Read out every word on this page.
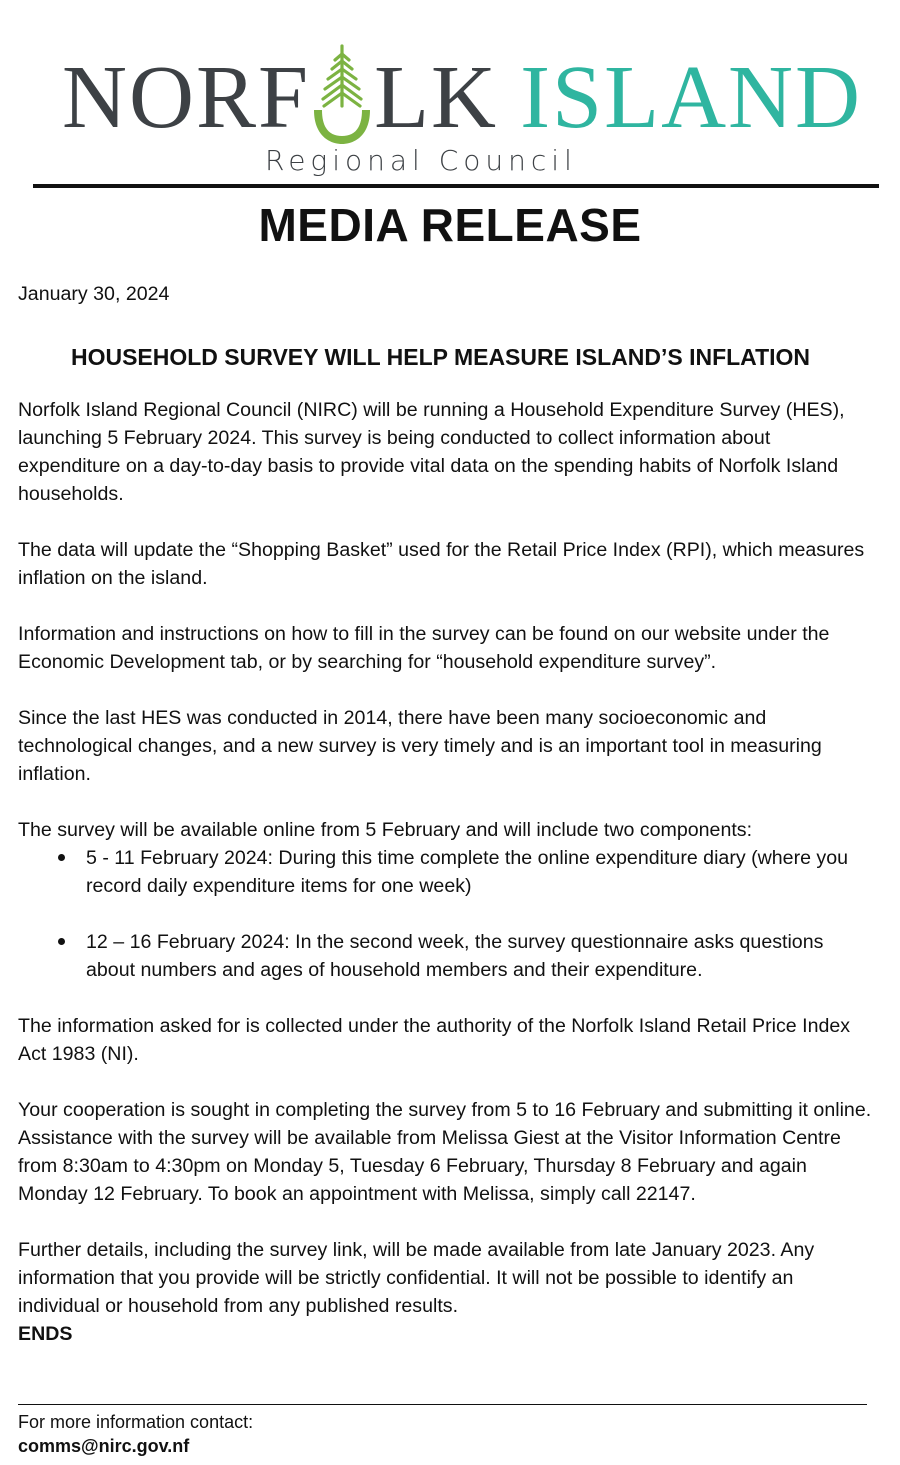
NORF LK ISLAND
Regional Council
MEDIA RELEASE

January 30, 2024

HOUSEHOLD SURVEY WILL HELP MEASURE ISLAND’S INFLATION

Norfolk Island Regional Council (NIRC) will be running a Household Expenditure Survey (HES), launching 5 February 2024. This survey is being conducted to collect information about expenditure on a day-to-day basis to provide vital data on the spending habits of Norfolk Island households.

The data will update the “Shopping Basket” used for the Retail Price Index (RPI), which measures inflation on the island.

Information and instructions on how to fill in the survey can be found on our website under the Economic Development tab, or by searching for “household expenditure survey”.

Since the last HES was conducted in 2014, there have been many socioeconomic and technological changes, and a new survey is very timely and is an important tool in measuring inflation.

The survey will be available online from 5 February and will include two components:

5 - 11 February 2024: During this time complete the online expenditure diary (where you record daily expenditure items for one week)
12 – 16 February 2024: In the second week, the survey questionnaire asks questions about numbers and ages of household members and their expenditure.

The information asked for is collected under the authority of the Norfolk Island Retail Price Index Act 1983 (NI).

Your cooperation is sought in completing the survey from 5 to 16 February and submitting it online. Assistance with the survey will be available from Melissa Giest at the Visitor Information Centre from 8:30am to 4:30pm on Monday 5, Tuesday 6 February, Thursday 8 February and again Monday 12 February. To book an appointment with Melissa, simply call 22147.

Further details, including the survey link, will be made available from late January 2023. Any information that you provide will be strictly confidential. It will not be possible to identify an individual or household from any published results.

ENDS

For more information contact:
comms@nirc.gov.nf
